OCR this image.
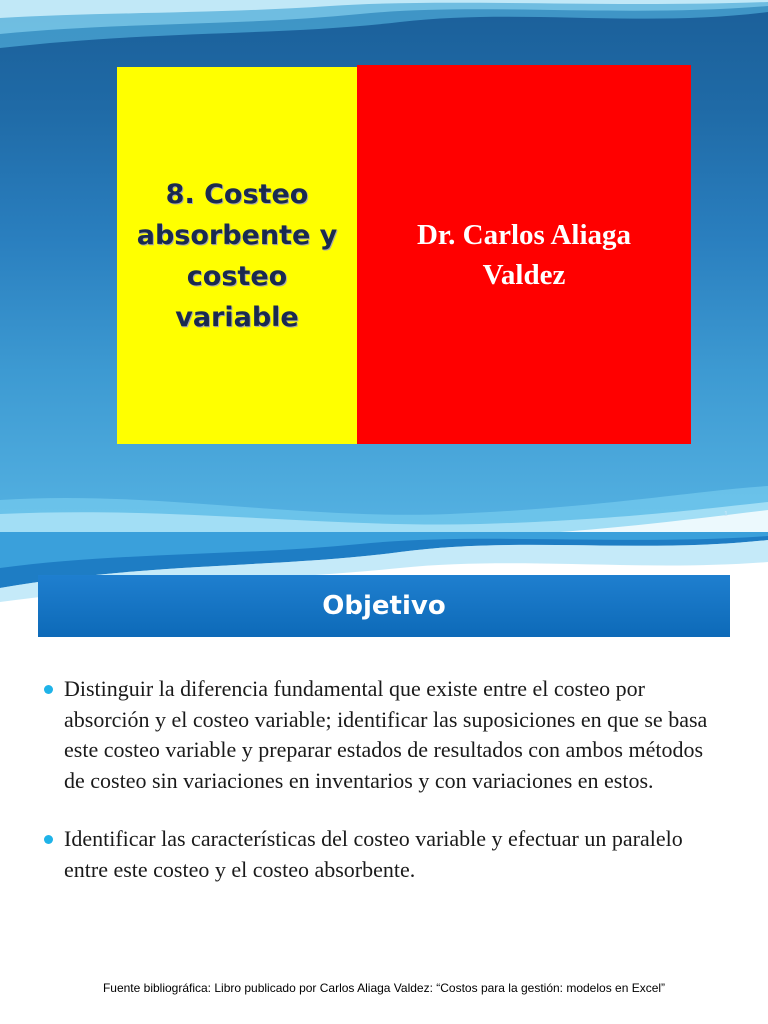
8. Costeo absorbente y costeo variable
Dr. Carlos Aliaga Valdez
1
Objetivo
Distinguir la diferencia fundamental que existe entre el costeo por absorción y el costeo variable; identificar las suposiciones en que se basa este costeo variable y preparar estados de resultados con ambos métodos de costeo sin variaciones en inventarios y con variaciones en estos.
Identificar las características del costeo variable y efectuar un paralelo entre este costeo y el costeo absorbente.
Fuente bibliográfica: Libro publicado por Carlos Aliaga Valdez: “Costos para la gestión: modelos en Excel”
